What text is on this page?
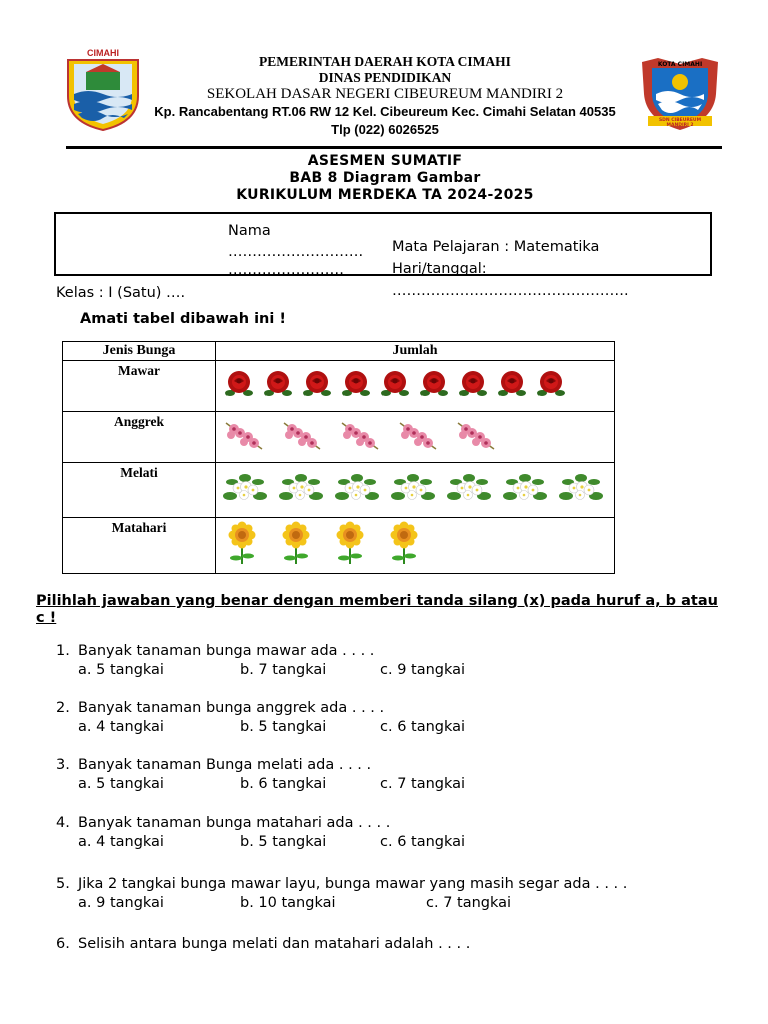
CIMAHI
KOTA CIMAHI
SDN CIBEUREUM MANDIRI 2
PEMERINTAH DAERAH KOTA CIMAHI
DINAS PENDIDIKAN
SEKOLAH DASAR NEGERI CIBEUREUM MANDIRI 2
Kp. Rancabentang RT.06 RW 12 Kel. Cibeureum Kec. Cimahi Selatan 40535
Tlp (022) 6026525
ASESMEN SUMATIF
BAB 8 Diagram Gambar
KURIKULUM MERDEKA TA 2024-2025
Nama
……………………….
……………………
Mata Pelajaran : Matematika
Hari/tanggal:
………………………………………….
Kelas : I (Satu) ….
Amati tabel dibawah ini !
Jenis Bunga	Jumlah
Mawar	

Anggrek	

Melati	

Matahari	
Pilihlah jawaban yang benar dengan memberi tanda silang (x) pada huruf a, b atau c !
1. Banyak tanaman bunga mawar ada . . . .
a. 5 tangkai	b. 7 tangkai	c. 9 tangkai
2. Banyak tanaman bunga anggrek ada . . . .
a. 4 tangkai	b. 5 tangkai	c. 6 tangkai
3. Banyak tanaman Bunga melati ada . . . .
a. 5 tangkai	b. 6 tangkai	c. 7 tangkai
4. Banyak tanaman bunga matahari ada . . . .
a. 4 tangkai	b. 5 tangkai	c. 6 tangkai
5. Jika 2 tangkai bunga mawar layu, bunga mawar yang masih segar ada . . . .
a. 9 tangkai	b. 10 tangkai	c. 7 tangkai
6. Selisih antara bunga melati dan matahari adalah . . . .
